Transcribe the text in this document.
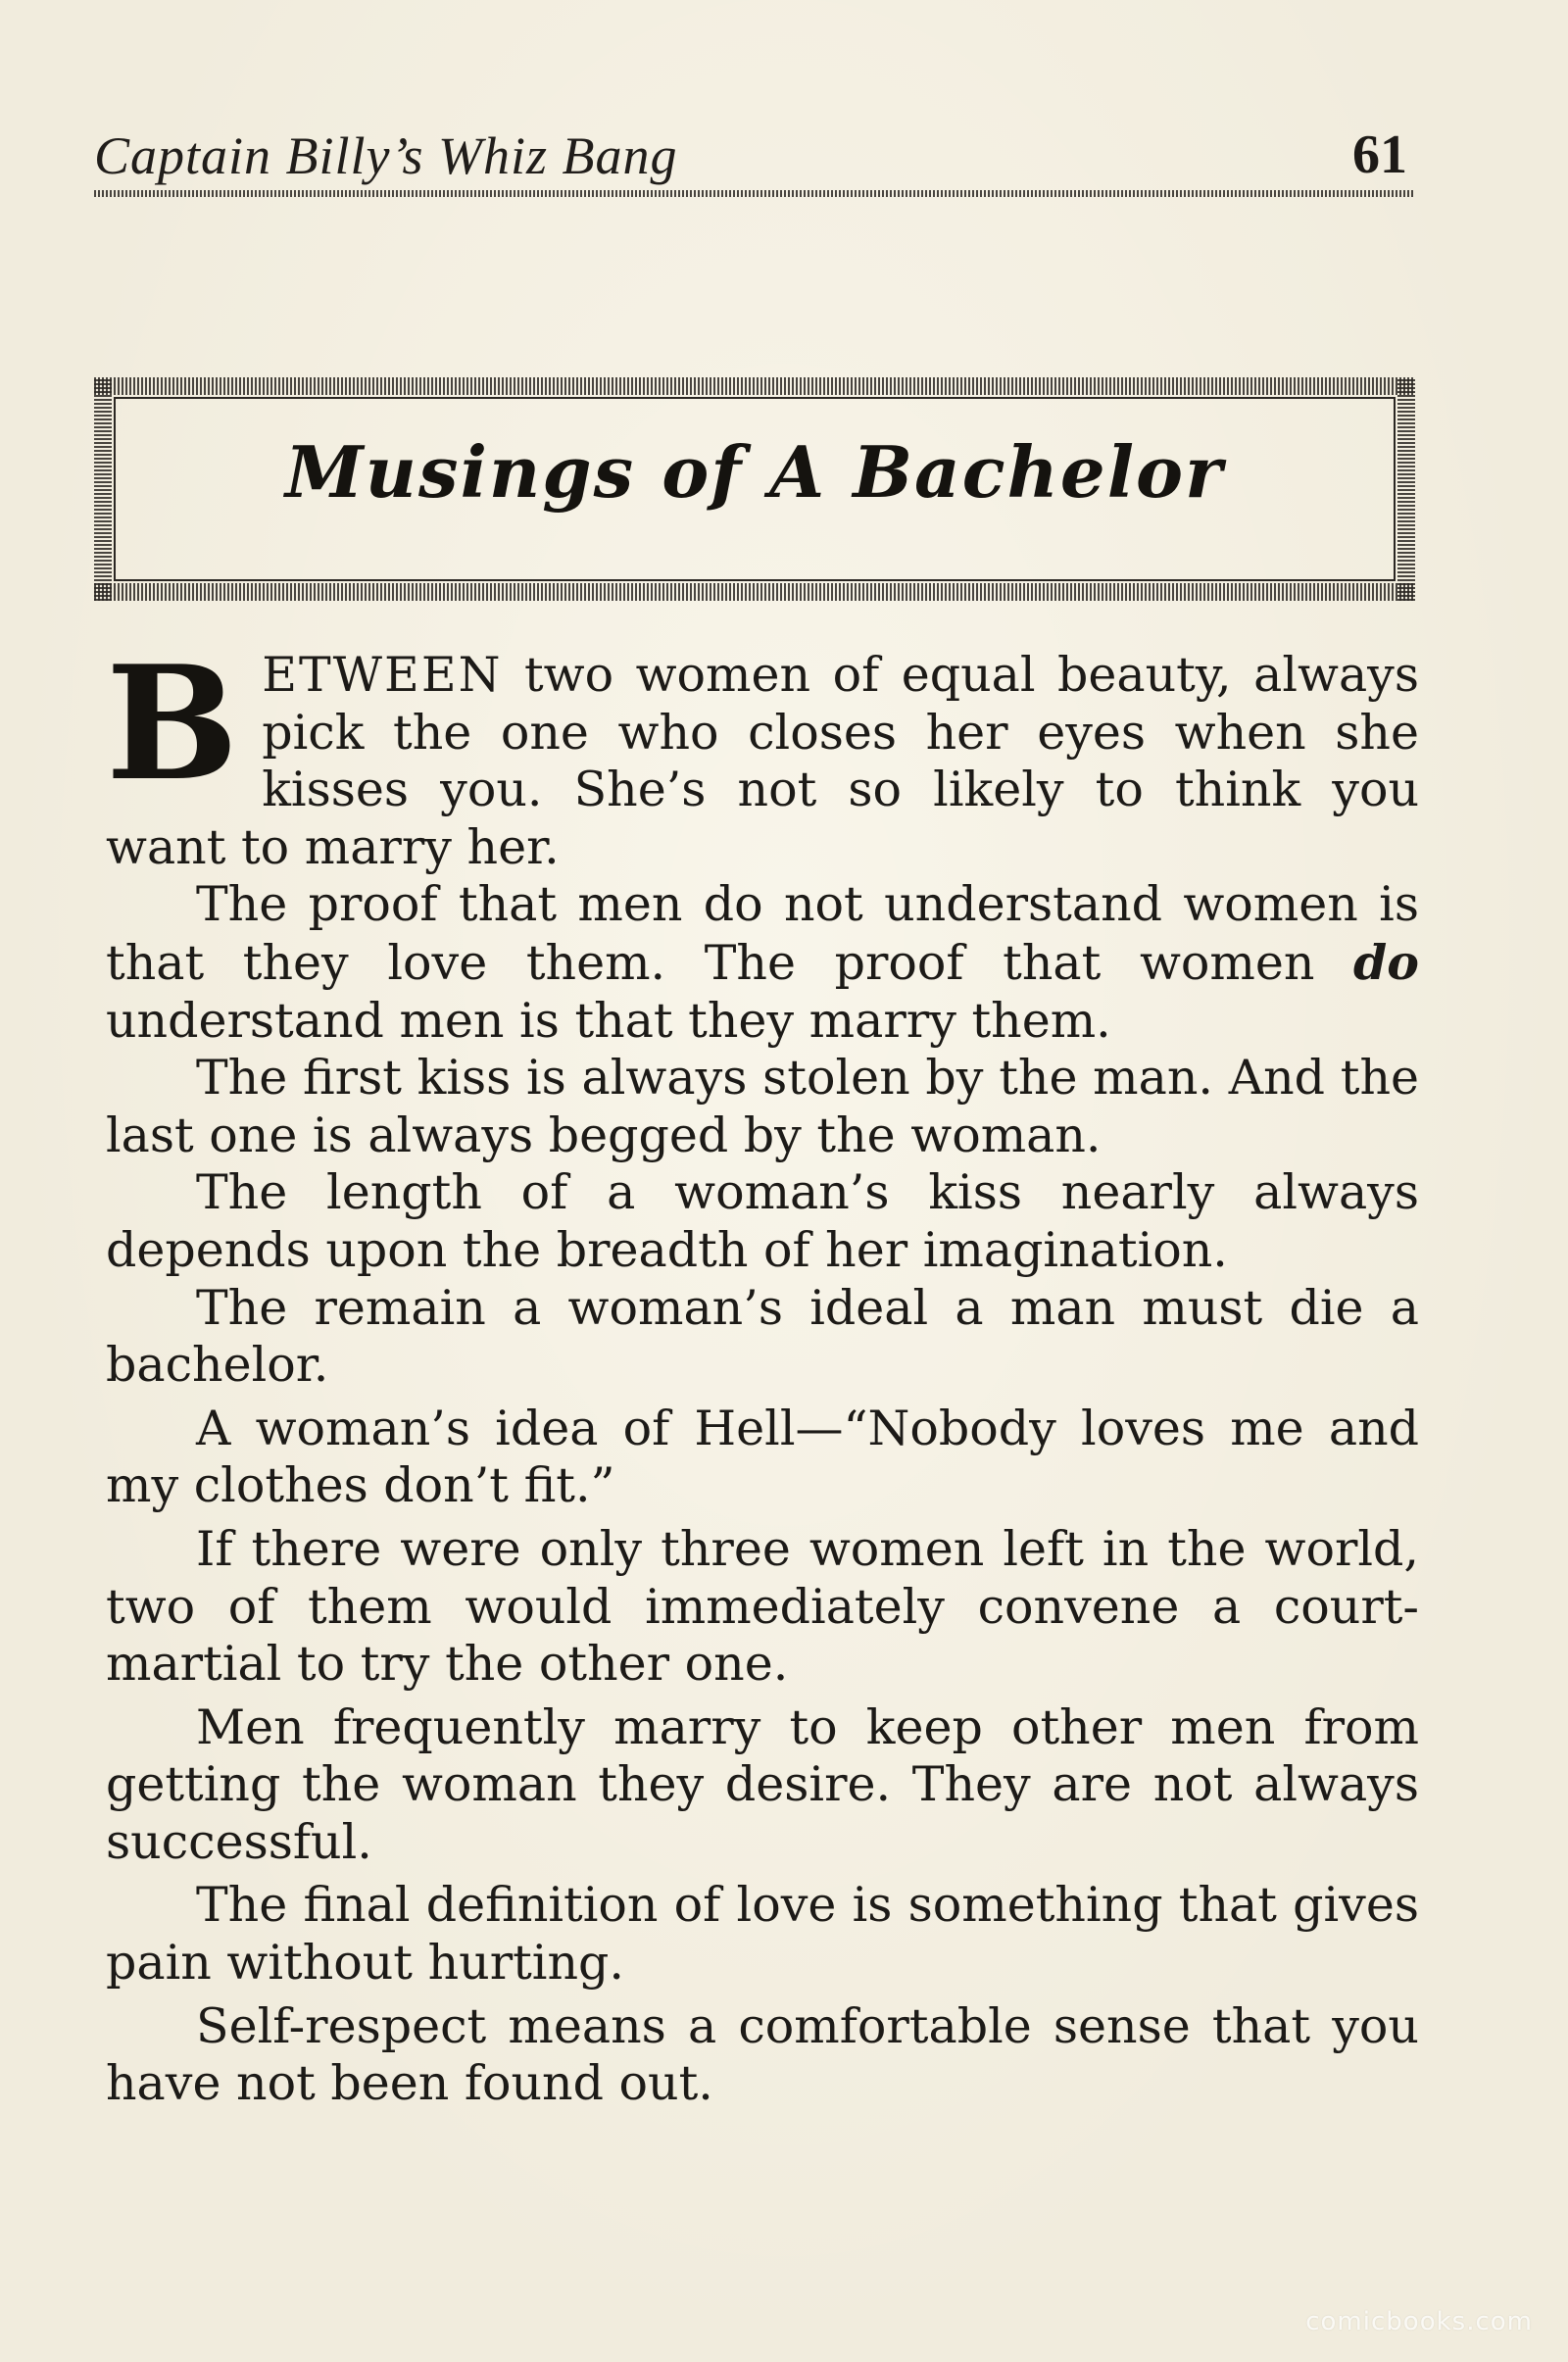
Captain Billy’s Whiz Bang	61
Musings of A Bachelor

BETWEEN two women of equal beauty, always pick the one who closes her eyes when she kisses you. She’s not so likely to think you want to marry her.

The proof that men do not understand women is that they love them. The proof that women do understand men is that they marry them.

The first kiss is always stolen by the man. And the last one is always begged by the woman.

The length of a woman’s kiss nearly always depends upon the breadth of her imagination.

The remain a woman’s ideal a man must die a bachelor.

A woman’s idea of Hell—“Nobody loves me and my clothes don’t fit.”

If there were only three women left in the world, two of them would immediately convene a court-martial to try the other one.

Men frequently marry to keep other men from getting the woman they desire. They are not always successful.

The final definition of love is something that gives pain without hurting.

Self-respect means a comfortable sense that you have not been found out.

comicbooks.com
